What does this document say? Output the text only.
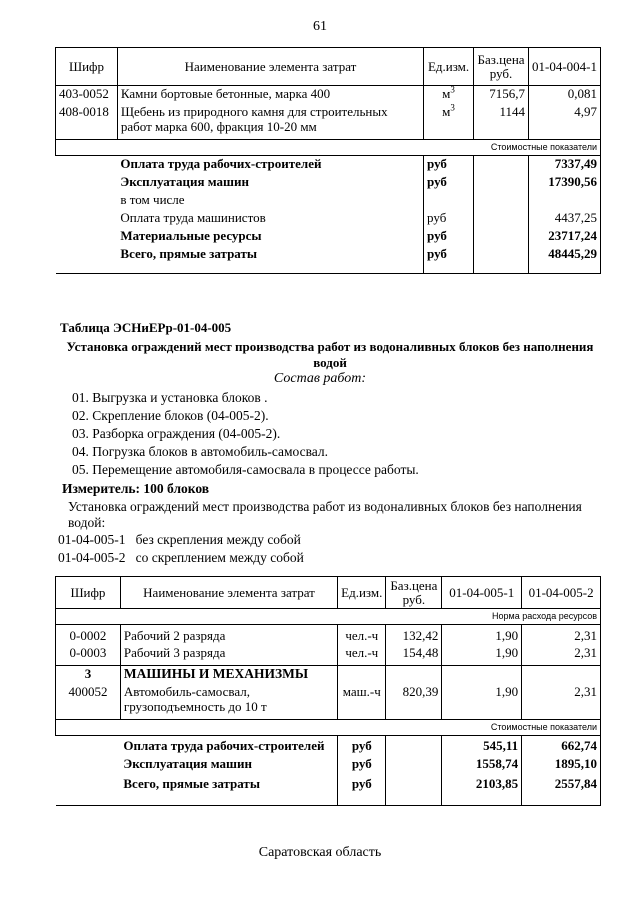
61
Шифр	Наименование элемента затрат	Ед.изм.	Баз.цена руб.	01-04-004-1
403-0052	Камни бортовые бетонные, марка 400	$м^3$	7156,7	0,081
408-0018	Щебень из природного камня для строительных работ марка 600, фракция 10-20 мм	$м^3$	1144	4,97
Стоимостные показатели				
	Оплата труда рабочих-строителей	руб		7337,49
	Эксплуатация машин	руб		17390,56
	в том числе			
	Оплата труда машинистов	руб		4437,25
	Материальные ресурсы	руб		23717,24
	Всего, прямые затраты	руб		48445,29
Таблица ЭСНиЕРр-01-04-005
Установка ограждений мест производства работ из водоналивных блоков без наполнения водой
Состав работ:
01. Выгрузка и установка блоков .
02. Скрепление блоков (04-005-2).
03. Разборка ограждения (04-005-2).
04. Погрузка блоков в автомобиль-самосвал.
05. Перемещение автомобиля-самосвала в процессе работы.
Измеритель: 100 блоков
Установка ограждений мест производства работ из водоналивных блоков без наполнения водой:
01-04-005-1 без скрепления между собой
01-04-005-2 со скреплением между собой
Шифр	Наименование элемента затрат	Ед.изм.	Баз.цена руб.	01-04-005-1	01-04-005-2
Норма расхода ресурсов					
0-0002	Рабочий 2 разряда	чел.-ч	132,42	1,90	2,31
0-0003	Рабочий 3 разряда	чел.-ч	154,48	1,90	2,31
3	МАШИНЫ И МЕХАНИЗМЫ				
400052	Автомобиль-самосвал, грузоподъемность до 10 т	маш.-ч	820,39	1,90	2,31
Стоимостные показатели					
	Оплата труда рабочих-строителей	руб		545,11	662,74
	Эксплуатация машин	руб		1558,74	1895,10
	Всего, прямые затраты	руб		2103,85	2557,84
Саратовская область
